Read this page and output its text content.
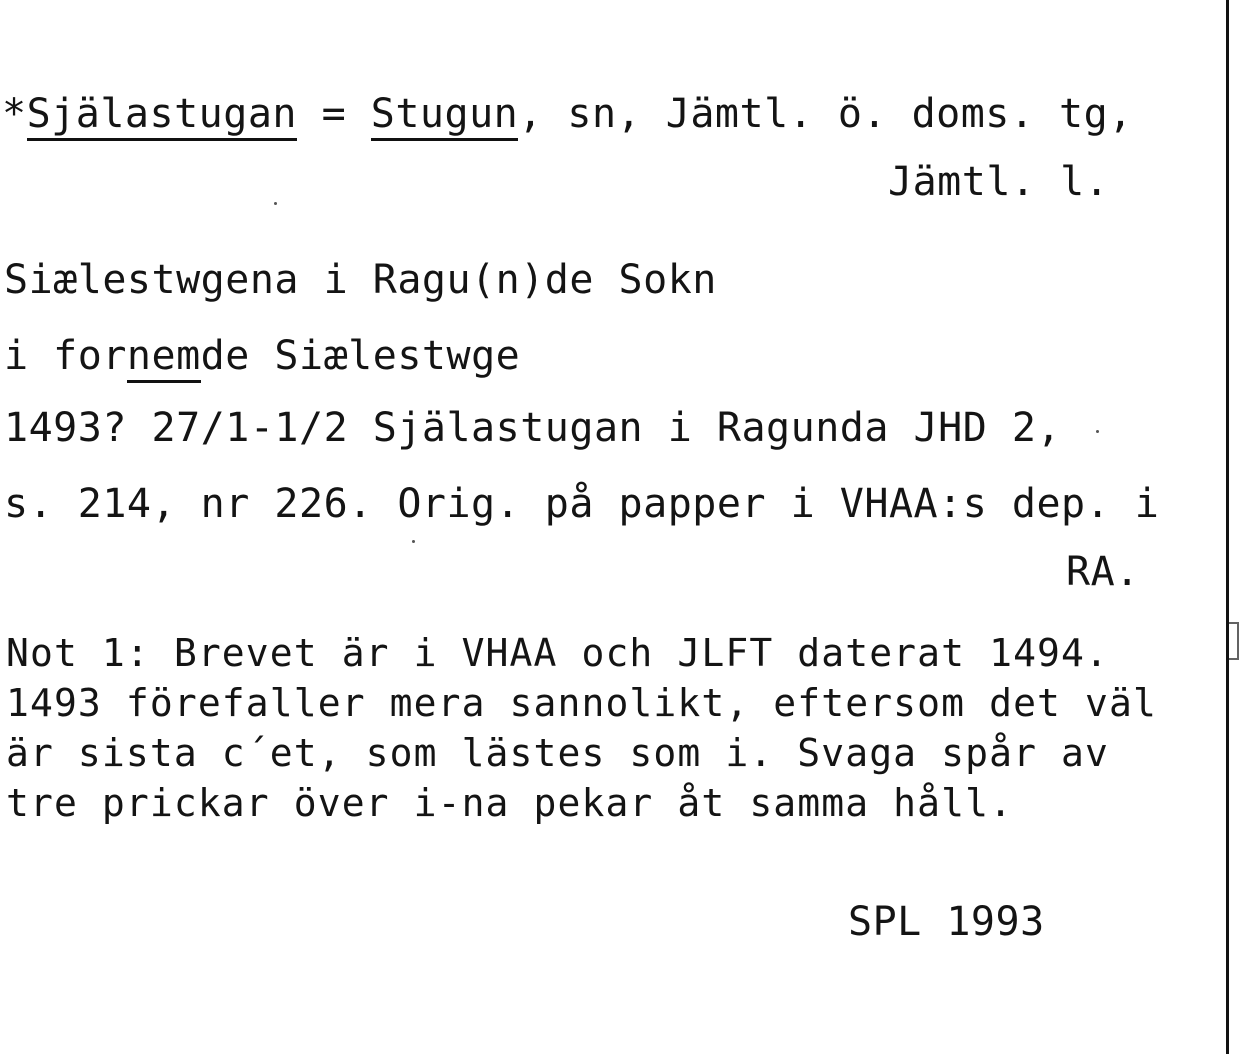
*Själastugan = Stugun, sn, Jämtl. ö. doms. tg,
Jämtl. l.
Siælestwgena i Ragu(n)de Sokn
i fornemde Siælestwge
1493? 27/1-1/2 Själastugan i Ragunda JHD 2,
s. 214, nr 226. Orig. på papper i VHAA:s dep. i
RA.
Not 1: Brevet är i VHAA och JLFT daterat 1494.
1493 förefaller mera sannolikt, eftersom det väl
är sista c´et, som lästes som i. Svaga spår av
tre prickar över i-na pekar åt samma håll.
SPL 1993
